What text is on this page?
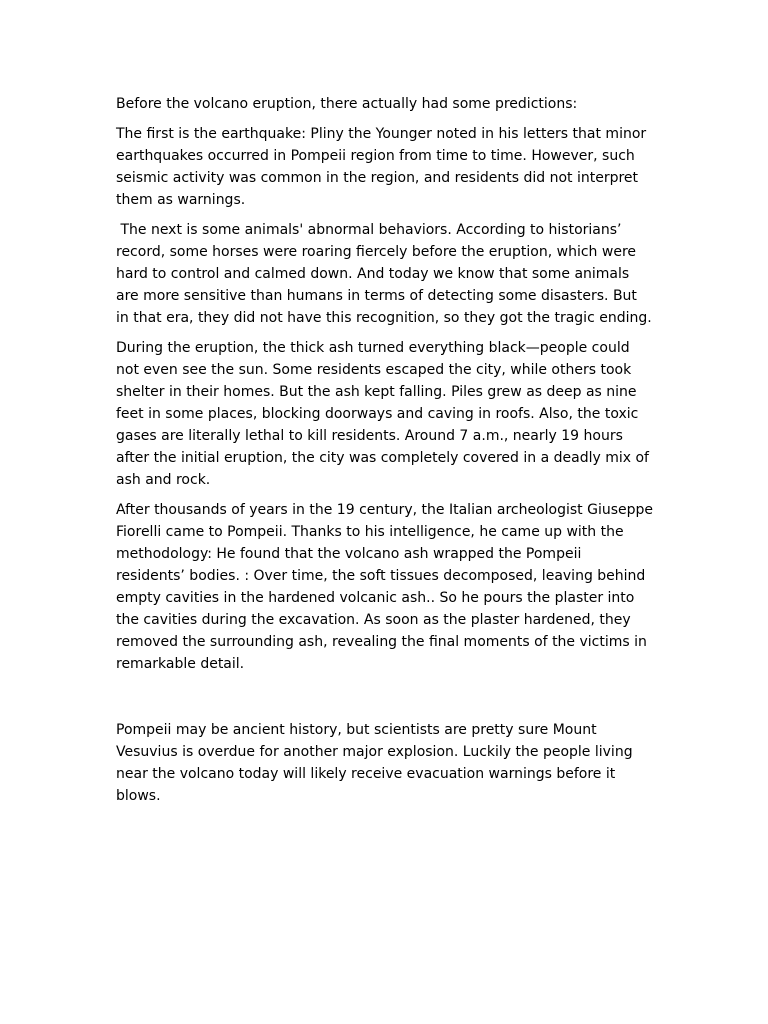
Before the volcano eruption, there actually had some predictions:

The first is the earthquake: Pliny the Younger noted in his letters that minor earthquakes occurred in Pompeii region from time to time. However, such seismic activity was common in the region, and residents did not interpret them as warnings.

The next is some animals' abnormal behaviors. According to historians’ record, some horses were roaring fiercely before the eruption, which were hard to control and calmed down. And today we know that some animals are more sensitive than humans in terms of detecting some disasters. But in that era, they did not have this recognition, so they got the tragic ending.

During the eruption, the thick ash turned everything black—people could not even see the sun. Some residents escaped the city, while others took shelter in their homes. But the ash kept falling. Piles grew as deep as nine feet in some places, blocking doorways and caving in roofs. Also, the toxic gases are literally lethal to kill residents. Around 7 a.m., nearly 19 hours after the initial eruption, the city was completely covered in a deadly mix of ash and rock.

After thousands of years in the 19 century, the Italian archeologist Giuseppe Fiorelli came to Pompeii. Thanks to his intelligence, he came up with the methodology: He found that the volcano ash wrapped the Pompeii residents’ bodies. : Over time, the soft tissues decomposed, leaving behind empty cavities in the hardened volcanic ash.. So he pours the plaster into the cavities during the excavation. As soon as the plaster hardened, they removed the surrounding ash, revealing the final moments of the victims in remarkable detail.

Pompeii may be ancient history, but scientists are pretty sure Mount Vesuvius is overdue for another major explosion. Luckily the people living near the volcano today will likely receive evacuation warnings before it blows.
